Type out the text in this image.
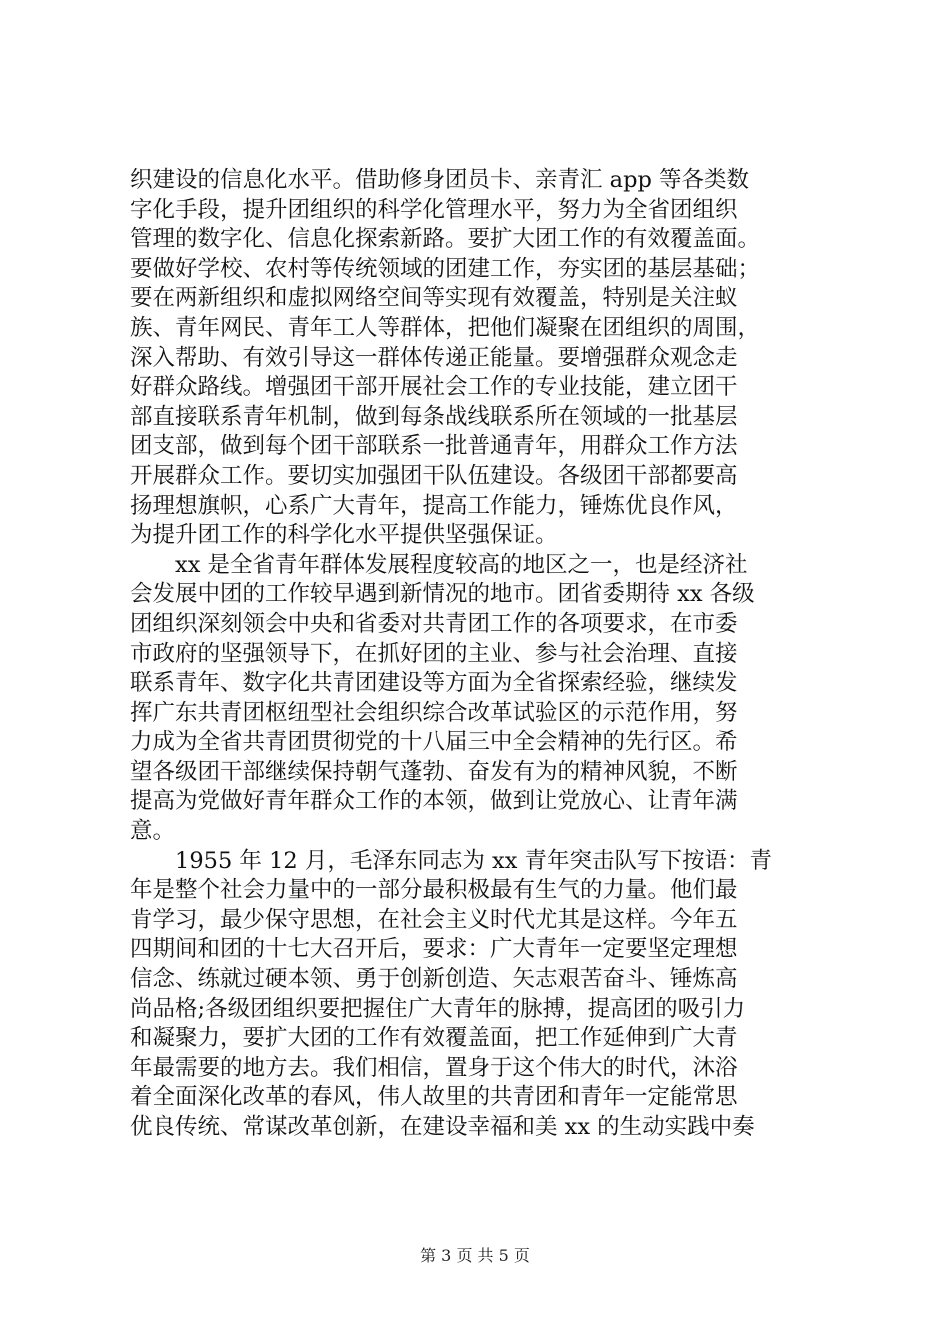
织建设的信息化水平。借助修身团员卡、亲青汇 app 等各类数
字化手段，提升团组织的科学化管理水平，努力为全省团组织
管理的数字化、信息化探索新路。要扩大团工作的有效覆盖面。
要做好学校、农村等传统领域的团建工作，夯实团的基层基础；
要在两新组织和虚拟网络空间等实现有效覆盖，特别是关注蚁
族、青年网民、青年工人等群体，把他们凝聚在团组织的周围，
深入帮助、有效引导这一群体传递正能量。要增强群众观念走
好群众路线。增强团干部开展社会工作的专业技能，建立团干
部直接联系青年机制，做到每条战线联系所在领域的一批基层
团支部，做到每个团干部联系一批普通青年，用群众工作方法
开展群众工作。要切实加强团干队伍建设。各级团干部都要高
扬理想旗帜，心系广大青年，提高工作能力，锤炼优良作风，
为提升团工作的科学化水平提供坚强保证。
xx 是全省青年群体发展程度较高的地区之一，也是经济社
会发展中团的工作较早遇到新情况的地市。团省委期待 xx 各级
团组织深刻领会中央和省委对共青团工作的各项要求，在市委
市政府的坚强领导下，在抓好团的主业、参与社会治理、直接
联系青年、数字化共青团建设等方面为全省探索经验，继续发
挥广东共青团枢纽型社会组织综合改革试验区的示范作用，努
力成为全省共青团贯彻党的十八届三中全会精神的先行区。希
望各级团干部继续保持朝气蓬勃、奋发有为的精神风貌，不断
提高为党做好青年群众工作的本领，做到让党放心、让青年满
意。
1955 年 12 月，毛泽东同志为 xx 青年突击队写下按语：青
年是整个社会力量中的一部分最积极最有生气的力量。他们最
肯学习，最少保守思想，在社会主义时代尤其是这样。今年五
四期间和团的十七大召开后，要求：广大青年一定要坚定理想
信念、练就过硬本领、勇于创新创造、矢志艰苦奋斗、锤炼高
尚品格;各级团组织要把握住广大青年的脉搏，提高团的吸引力
和凝聚力，要扩大团的工作有效覆盖面，把工作延伸到广大青
年最需要的地方去。我们相信，置身于这个伟大的时代，沐浴
着全面深化改革的春风，伟人故里的共青团和青年一定能常思
优良传统、常谋改革创新，在建设幸福和美 xx 的生动实践中奏
第 3 页 共 5 页
